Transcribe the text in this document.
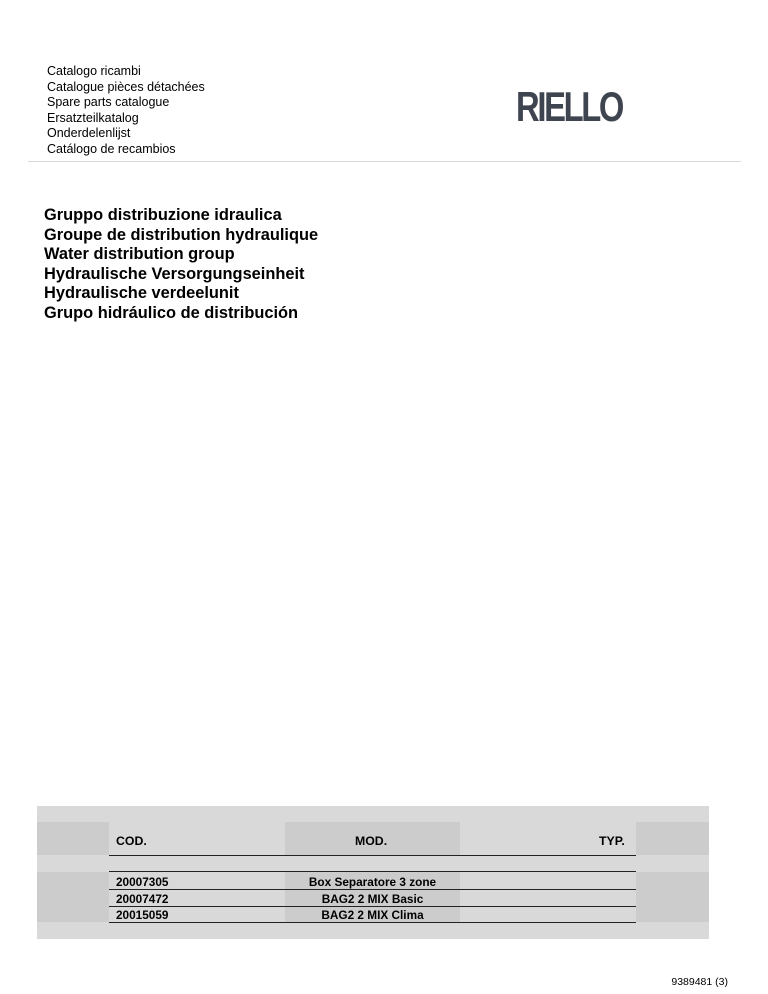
Catalogo ricambi
Catalogue pièces détachées
Spare parts catalogue
Ersatzteilkatalog
Onderdelenlijst
Catálogo de recambios
RIELLO
Gruppo distribuzione idraulica
Groupe de distribution hydraulique
Water distribution group
Hydraulische Versorgungseinheit
Hydraulische verdeelunit
Grupo hidráulico de distribución
COD.	MOD.	TYP.
20007305	Box Separatore 3 zone
20007472	BAG2 2 MIX Basic
20015059	BAG2 2 MIX Clima
9389481 (3)
